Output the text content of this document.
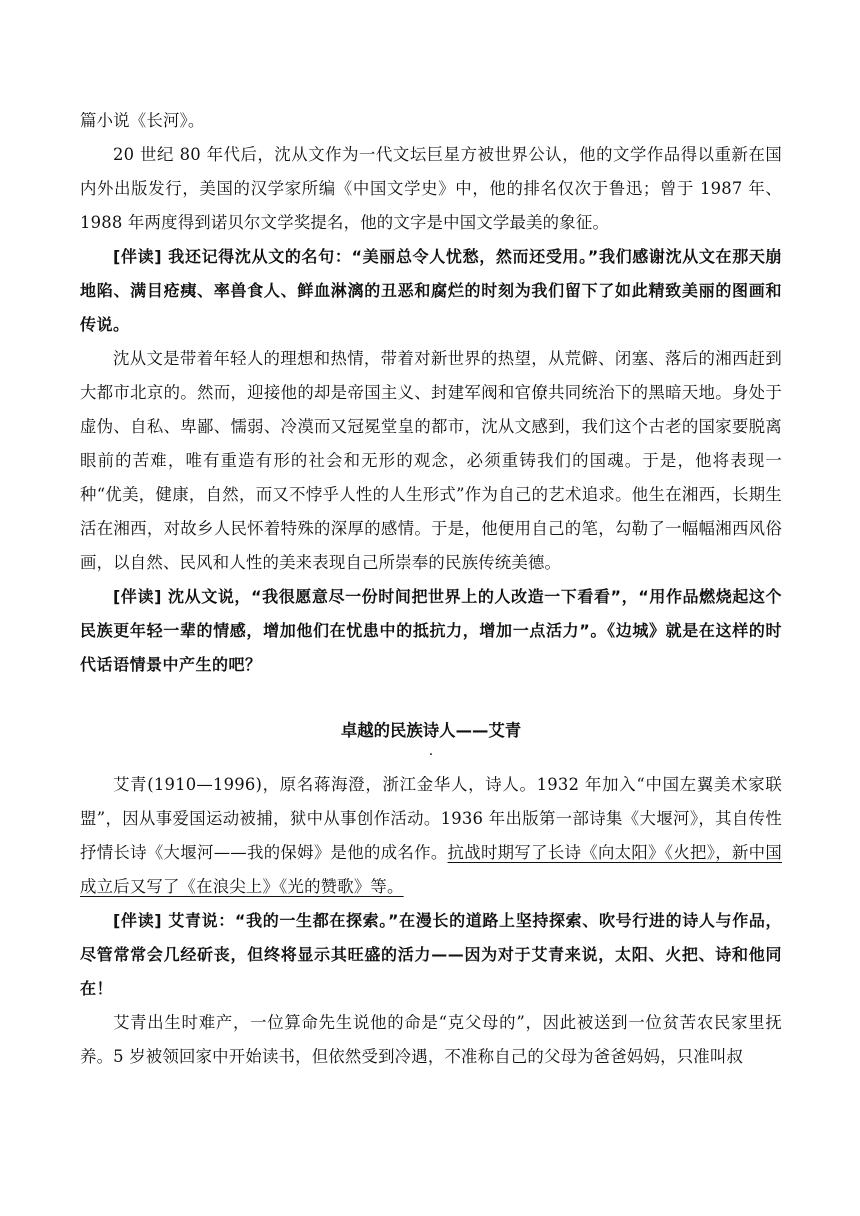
篇小说《长河》。

20 世纪 80 年代后，沈从文作为一代文坛巨星方被世界公认，他的文学作品得以重新在国内外出版发行，美国的汉学家所编《中国文学史》中，他的排名仅次于鲁迅；曾于 1987 年、1988 年两度得到诺贝尔文学奖提名，他的文字是中国文学最美的象征。

[伴读] 我还记得沈从文的名句：“美丽总令人忧愁，然而还受用。”我们感谢沈从文在那天崩地陷、满目疮痍、率兽食人、鲜血淋漓的丑恶和腐烂的时刻为我们留下了如此精致美丽的图画和传说。

沈从文是带着年轻人的理想和热情，带着对新世界的热望，从荒僻、闭塞、落后的湘西赶到大都市北京的。然而，迎接他的却是帝国主义、封建军阀和官僚共同统治下的黑暗天地。身处于虚伪、自私、卑鄙、懦弱、冷漠而又冠冕堂皇的都市，沈从文感到，我们这个古老的国家要脱离眼前的苦难，唯有重造有形的社会和无形的观念，必须重铸我们的国魂。于是，他将表现一种“优美，健康，自然，而又不悖乎人性的人生形式”作为自己的艺术追求。他生在湘西，长期生活在湘西，对故乡人民怀着特殊的深厚的感情。于是，他便用自己的笔，勾勒了一幅幅湘西风俗画，以自然、民风和人性的美来表现自己所崇奉的民族传统美德。

[伴读] 沈从文说，“我很愿意尽一份时间把世界上的人改造一下看看”，“用作品燃烧起这个民族更年轻一辈的情感，增加他们在忧患中的抵抗力，增加一点活力”。《边城》就是在这样的时代话语情景中产生的吧？

卓越的民族诗人——艾青

·

艾青(1910—1996)，原名蒋海澄，浙江金华人，诗人。1932 年加入“中国左翼美术家联盟”，因从事爱国运动被捕，狱中从事创作活动。1936 年出版第一部诗集《大堰河》，其自传性抒情长诗《大堰河——我的保姆》是他的成名作。抗战时期写了长诗《向太阳》《火把》，新中国成立后又写了《在浪尖上》《光的赞歌》等。

[伴读] 艾青说：“我的一生都在探索。”在漫长的道路上坚持探索、吹号行进的诗人与作品，尽管常常会几经斫丧，但终将显示其旺盛的活力——因为对于艾青来说，太阳、火把、诗和他同在！

艾青出生时难产，一位算命先生说他的命是“克父母的”，因此被送到一位贫苦农民家里抚养。5 岁被领回家中开始读书，但依然受到冷遇，不准称自己的父母为爸爸妈妈，只准叫叔
